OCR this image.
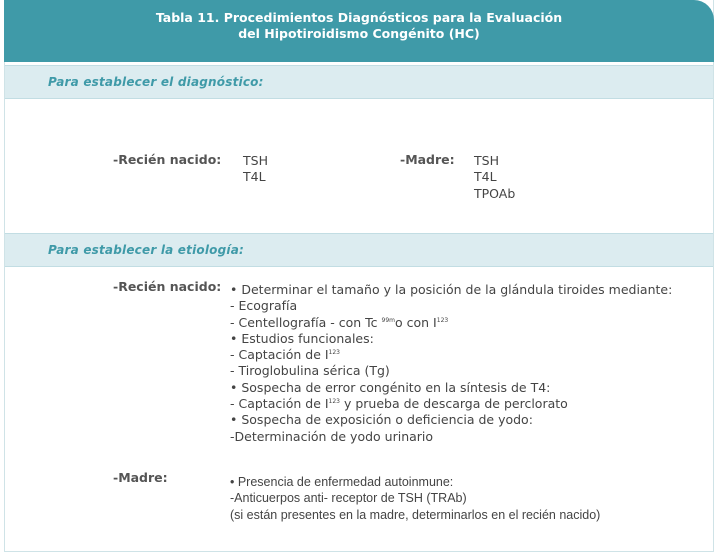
Tabla 11. Procedimientos Diagnósticos para la Evaluación
del Hipotiroidismo Congénito (HC)
Para establecer el diagnóstico:
-Recién nacido: TSH
T4L
-Madre: TSH
T4L
TPOAb
Para establecer la etiología:
-Recién nacido: • Determinar el tamaño y la posición de la glándula tiroides mediante:
- Ecografía
- Centellografía - con Tc $^{99m}$o con $I^{123}$
• Estudios funcionales:
- Captación de $I^{123}$
- Tiroglobulina sérica (Tg)
• Sospecha de error congénito en la síntesis de T4:
- Captación de $I^{123}$ y prueba de descarga de perclorato
• Sospecha de exposición o deficiencia de yodo:
-Determinación de yodo urinario
-Madre:	• Presencia de enfermedad autoinmune:
-Anticuerpos anti- receptor de TSH (TRAb)
(si están presentes en la madre, determinarlos en el recién nacido)
